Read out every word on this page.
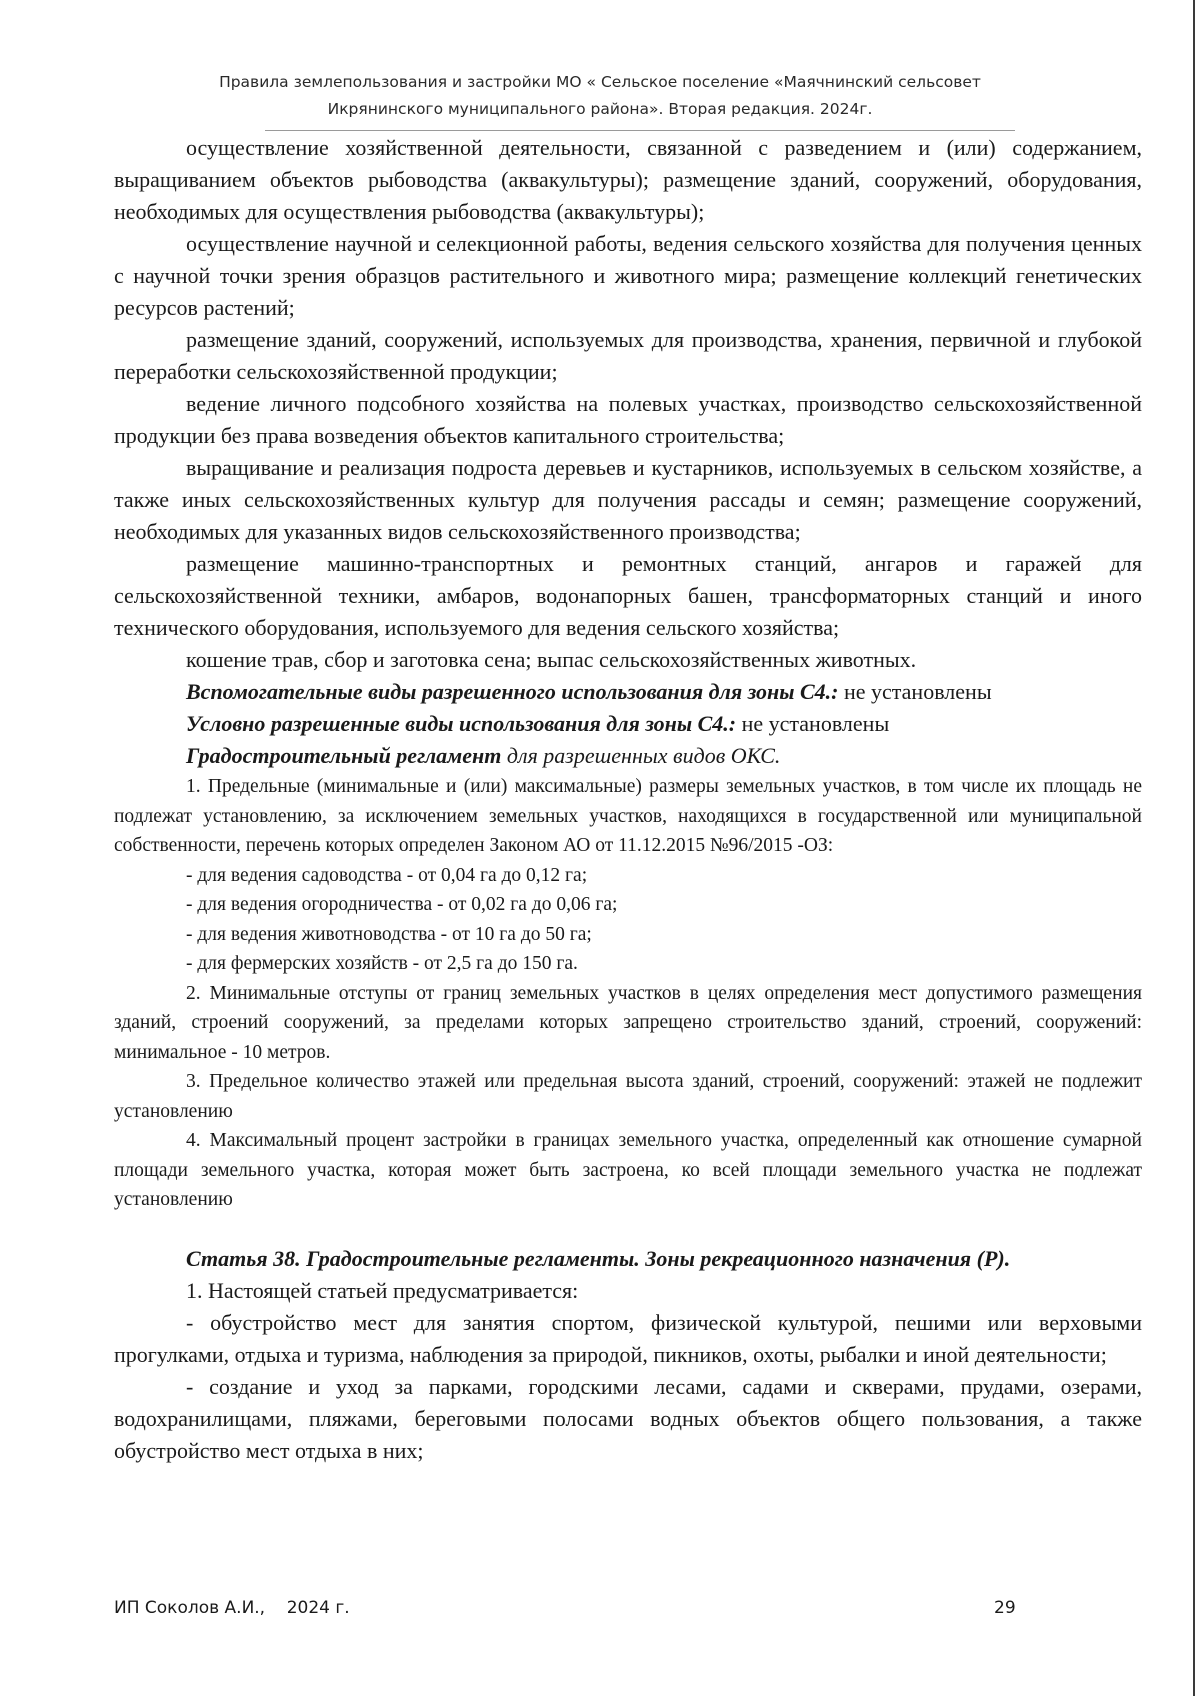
Правила землепользования и застройки МО « Сельское поселение «Маячнинский сельсовет
Икрянинского муниципального района». Вторая редакция. 2024г.

осуществление хозяйственной деятельности, связанной с разведением и (или) содержанием, выращиванием объектов рыбоводства (аквакультуры); размещение зданий, сооружений, оборудования, необходимых для осуществления рыбоводства (аквакультуры);

осуществление научной и селекционной работы, ведения сельского хозяйства для получения ценных с научной точки зрения образцов растительного и животного мира; размещение коллекций генетических ресурсов растений;

размещение зданий, сооружений, используемых для производства, хранения, первичной и глубокой переработки сельскохозяйственной продукции;

ведение личного подсобного хозяйства на полевых участках, производство сельскохозяйственной продукции без права возведения объектов капитального строительства;

выращивание и реализация подроста деревьев и кустарников, используемых в сельском хозяйстве, а также иных сельскохозяйственных культур для получения рассады и семян; размещение сооружений, необходимых для указанных видов сельскохозяйственного производства;

размещение машинно-транспортных и ремонтных станций, ангаров и гаражей для сельскохозяйственной техники, амбаров, водонапорных башен, трансформаторных станций и иного технического оборудования, используемого для ведения сельского хозяйства;

кошение трав, сбор и заготовка сена; выпас сельскохозяйственных животных.

Вспомогательные виды разрешенного использования для зоны С4.: не установлены

Условно разрешенные виды использования для зоны С4.: не установлены

Градостроительный регламент для разрешенных видов ОКС.

1. Предельные (минимальные и (или) максимальные) размеры земельных участков, в том числе их площадь не подлежат установлению, за исключением земельных участков, находящихся в государственной или муниципальной собственности, перечень которых определен Законом АО от 11.12.2015 №96/2015 -ОЗ:

- для ведения садоводства - от 0,04 га до 0,12 га;

- для ведения огородничества - от 0,02 га до 0,06 га;

- для ведения животноводства - от 10 га до 50 га;

- для фермерских хозяйств - от 2,5 га до 150 га.

2. Минимальные отступы от границ земельных участков в целях определения мест допустимого размещения зданий, строений сооружений, за пределами которых запрещено строительство зданий, строений, сооружений: минимальное - 10 метров.

3. Предельное количество этажей или предельная высота зданий, строений, сооружений: этажей не подлежит установлению

4. Максимальный процент застройки в границах земельного участка, определенный как отношение сумарной площади земельного участка, которая может быть застроена, ко всей площади земельного участка не подлежат установлению

Статья 38. Градостроительные регламенты. Зоны рекреационного назначения (Р).

1. Настоящей статьей предусматривается:

- обустройство мест для занятия спортом, физической культурой, пешими или верховыми прогулками, отдыха и туризма, наблюдения за природой, пикников, охоты, рыбалки и иной деятельности;

- создание и уход за парками, городскими лесами, садами и скверами, прудами, озерами, водохранилищами, пляжами, береговыми полосами водных объектов общего пользования, а также обустройство мест отдыха в них;

ИП Соколов А.И.,    2024 г.	29
